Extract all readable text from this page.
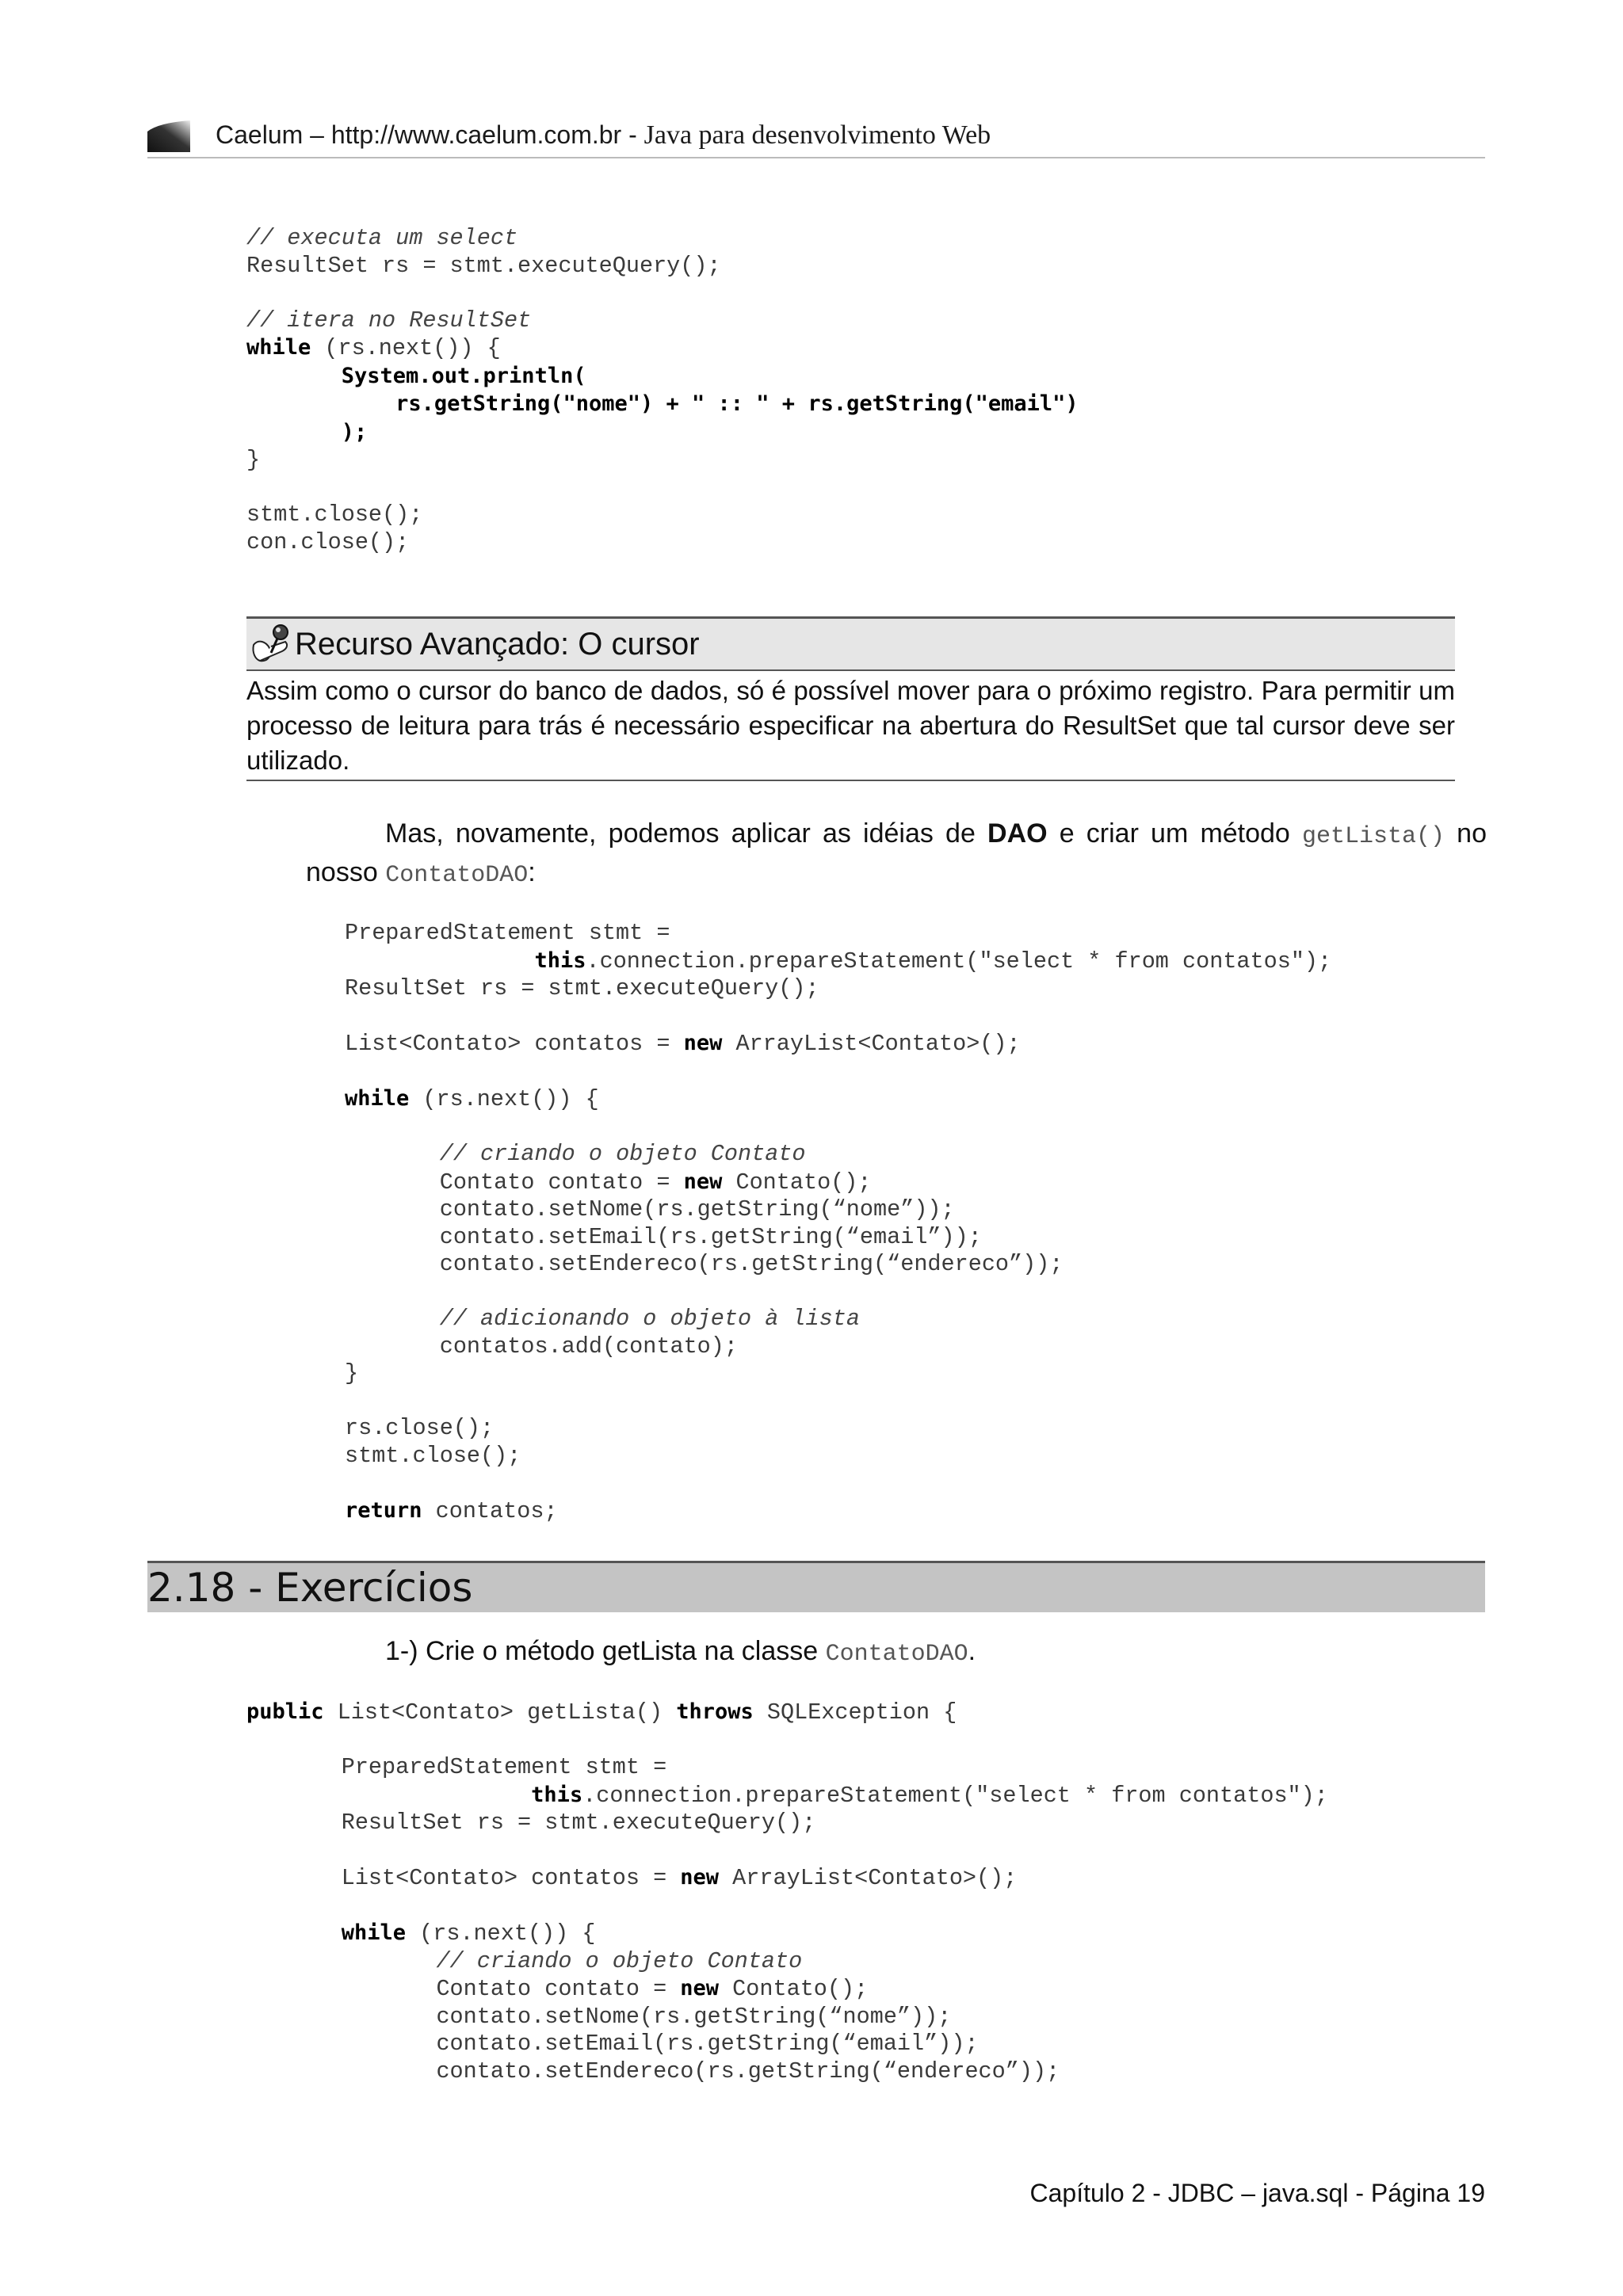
Caelum – http://www.caelum.com.br - Java para desenvolvimento Web
// executa um select
ResultSet rs = stmt.executeQuery();

// itera no ResultSet
while (rs.next()) {
System.out.println(
rs.getString("nome") + " :: " + rs.getString("email")
);
}

stmt.close();
con.close();

Recurso Avançado: O cursor

Assim como o cursor do banco de dados, só é possível mover para o próximo registro. Para permitir um processo de leitura para trás é necessário especificar na abertura do ResultSet que tal cursor deve ser utilizado.

Mas, novamente, podemos aplicar as idéias de DAO e criar um método getLista() no
nosso ContatoDAO:

PreparedStatement stmt =
this.connection.prepareStatement("select * from contatos");
ResultSet rs = stmt.executeQuery();

List<Contato> contatos = new ArrayList<Contato>();

while (rs.next()) {

// criando o objeto Contato
Contato contato = new Contato();
contato.setNome(rs.getString(“nome”));
contato.setEmail(rs.getString(“email”));
contato.setEndereco(rs.getString(“endereco”));

// adicionando o objeto à lista
contatos.add(contato);
}

rs.close();
stmt.close();

return contatos;

2.18 - Exercícios
1-) Crie o método getLista na classe ContatoDAO.
public List<Contato> getLista() throws SQLException {

PreparedStatement stmt =
this.connection.prepareStatement("select * from contatos");
ResultSet rs = stmt.executeQuery();

List<Contato> contatos = new ArrayList<Contato>();

while (rs.next()) {
// criando o objeto Contato
Contato contato = new Contato();
contato.setNome(rs.getString(“nome”));
contato.setEmail(rs.getString(“email”));
contato.setEndereco(rs.getString(“endereco”));

Capítulo 2 - JDBC – java.sql - Página 19
